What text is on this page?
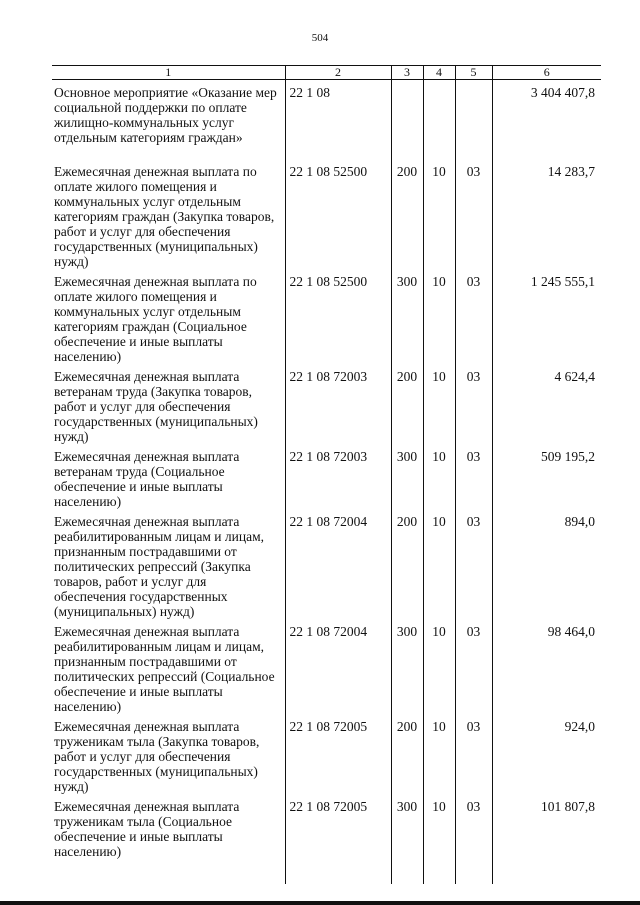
504
1	2	3	4	5	6
Основное мероприятие «Оказание мер социальной поддержки по оплате жилищно-коммунальных услуг отдельным категориям граждан»	22 1 08				3 404 407,8
Ежемесячная денежная выплата по оплате жилого помещения и коммунальных услуг отдельным категориям граждан (Закупка товаров, работ и услуг для обеспечения государственных (муниципальных) нужд)	22 1 08 52500	200	10	03	14 283,7
Ежемесячная денежная выплата по оплате жилого помещения и коммунальных услуг отдельным категориям граждан (Социальное обеспечение и иные выплаты населению)	22 1 08 52500	300	10	03	1 245 555,1
Ежемесячная денежная выплата ветеранам труда (Закупка товаров, работ и услуг для обеспечения государственных (муниципальных) нужд)	22 1 08 72003	200	10	03	4 624,4
Ежемесячная денежная выплата ветеранам труда (Социальное обеспечение и иные выплаты населению)	22 1 08 72003	300	10	03	509 195,2
Ежемесячная денежная выплата реабилитированным лицам и лицам, признанным пострадавшими от политических репрессий (Закупка товаров, работ и услуг для обеспечения государственных (муниципальных) нужд)	22 1 08 72004	200	10	03	894,0
Ежемесячная денежная выплата реабилитированным лицам и лицам, признанным пострадавшими от политических репрессий (Социальное обеспечение и иные выплаты населению)	22 1 08 72004	300	10	03	98 464,0
Ежемесячная денежная выплата труженикам тыла (Закупка товаров, работ и услуг для обеспечения государственных (муниципальных) нужд)	22 1 08 72005	200	10	03	924,0
Ежемесячная денежная выплата труженикам тыла (Социальное обеспечение и иные выплаты населению)	22 1 08 72005	300	10	03	101 807,8
